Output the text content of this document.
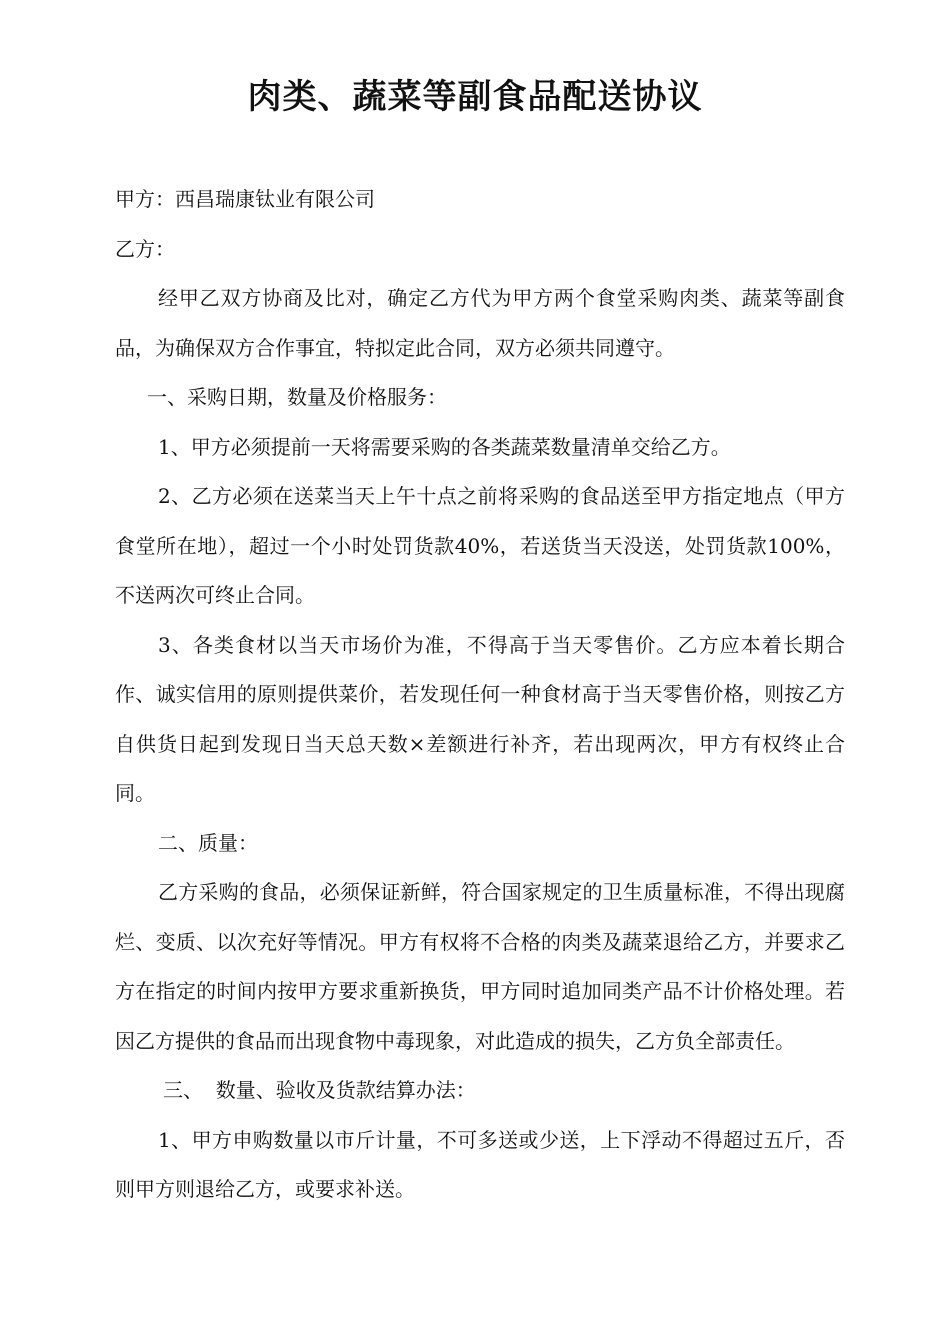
肉类、蔬菜等副食品配送协议

甲方：西昌瑞康钛业有限公司

乙方：

经甲乙双方协商及比对，确定乙方代为甲方两个食堂采购肉类、蔬菜等副食品，为确保双方合作事宜，特拟定此合同，双方必须共同遵守。

一、采购日期，数量及价格服务：

1、甲方必须提前一天将需要采购的各类蔬菜数量清单交给乙方。

2、乙方必须在送菜当天上午十点之前将采购的食品送至甲方指定地点（甲方食堂所在地），超过一个小时处罚货款40%，若送货当天没送，处罚货款100%，不送两次可终止合同。

3、各类食材以当天市场价为准，不得高于当天零售价。乙方应本着长期合作、诚实信用的原则提供菜价，若发现任何一种食材高于当天零售价格，则按乙方自供货日起到发现日当天总天数×差额进行补齐，若出现两次，甲方有权终止合同。

二、质量：

乙方采购的食品，必须保证新鲜，符合国家规定的卫生质量标准，不得出现腐烂、变质、以次充好等情况。甲方有权将不合格的肉类及蔬菜退给乙方，并要求乙方在指定的时间内按甲方要求重新换货，甲方同时追加同类产品不计价格处理。若因乙方提供的食品而出现食物中毒现象，对此造成的损失，乙方负全部责任。

三、  数量、验收及货款结算办法：

1、甲方申购数量以市斤计量，不可多送或少送，上下浮动不得超过五斤，否则甲方则退给乙方，或要求补送。
